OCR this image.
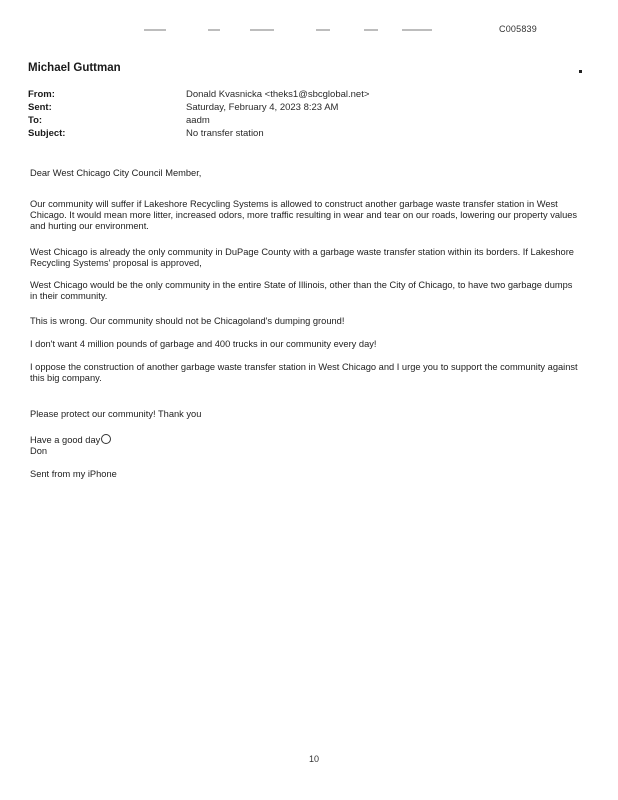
C005839
Michael Guttman
From:	Donald Kvasnicka <theks1@sbcglobal.net>
Sent:	Saturday, February 4, 2023 8:23 AM
To:	aadm
Subject:	No transfer station
Dear West Chicago City Council Member,
Our community will suffer if Lakeshore Recycling Systems is allowed to construct another garbage waste transfer station in West Chicago. It would mean more litter, increased odors, more traffic resulting in wear and tear on our roads, lowering our property values and hurting our environment.
West Chicago is already the only community in DuPage County with a garbage waste transfer station within its borders. If Lakeshore Recycling Systems' proposal is approved,
West Chicago would be the only community in the entire State of Illinois, other than the City of Chicago, to have two garbage dumps in their community.
This is wrong. Our community should not be Chicagoland's dumping ground!
I don't want 4 million pounds of garbage and 400 trucks in our community every day!
I oppose the construction of another garbage waste transfer station in West Chicago and I urge you to support the community against this big company.
Please protect our community! Thank you
Have a good day
Don
Sent from my iPhone
10
